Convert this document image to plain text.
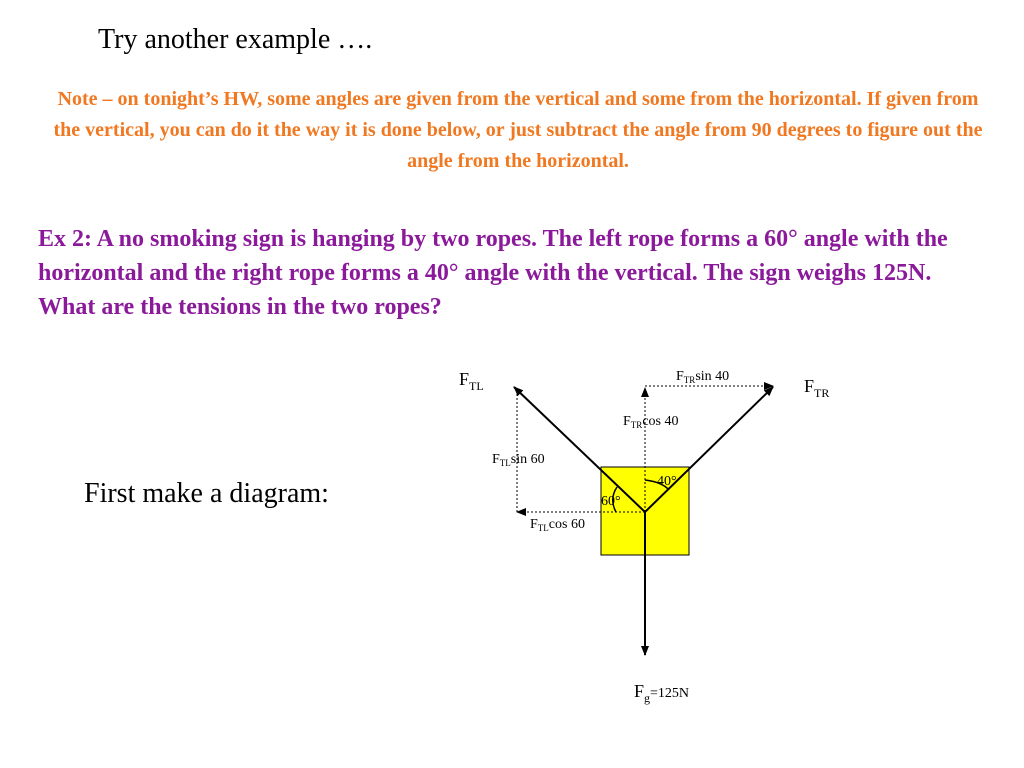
Try another example ….
Note – on tonight’s HW, some angles are given from the vertical and some from the horizontal. If given from the vertical, you can do it the way it is done below, or just subtract the angle from 90 degrees to figure out the angle from the horizontal.
Ex 2: A no smoking sign is hanging by two ropes. The left rope forms a 60° angle with the horizontal and the right rope forms a 40° angle with the vertical. The sign weighs 125N. What are the tensions in the two ropes?
First make a diagram:
$F_{TL}$	$F_{TR}$
$F_{TR}\sin$ 40
$F_{TR}\cos$ 40
$F_{TL}\sin$ 60
$F_{TL}\cos$ 60
60°
40°
$F_g^{=125N}$
